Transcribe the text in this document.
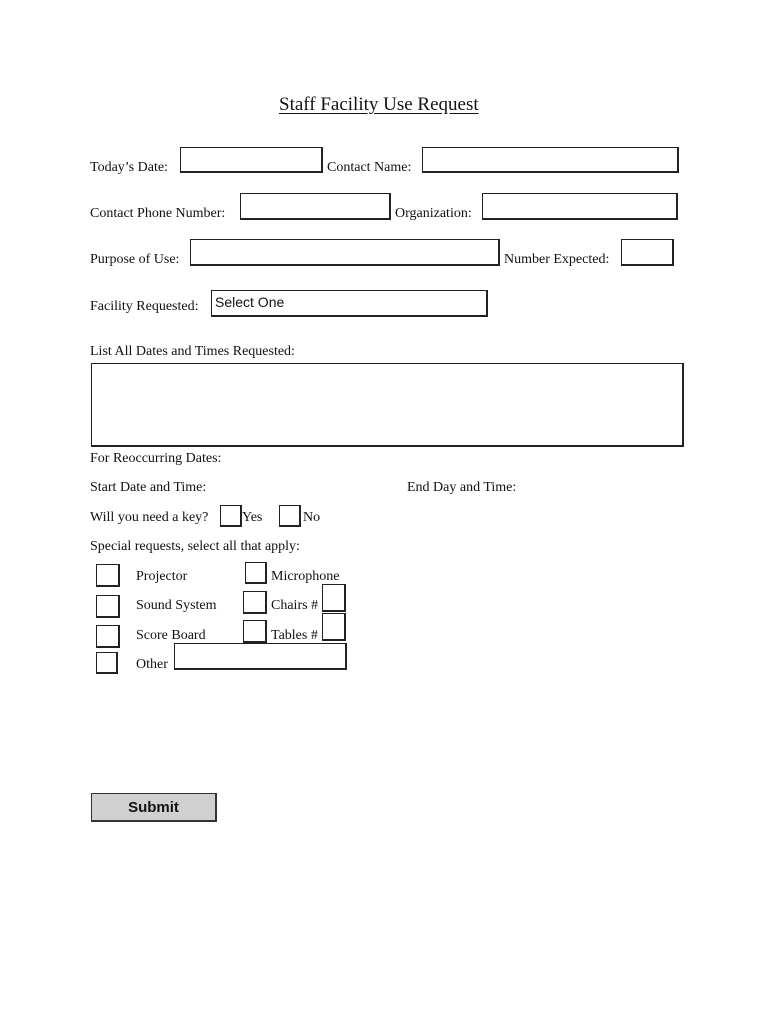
Staff Facility Use Request
Today’s Date:	Contact Name:
Contact Phone Number:	Organization:
Purpose of Use:	Number Expected:
Facility Requested: Select One
List All Dates and Times Requested:
For Reoccurring Dates:
Start Date and Time:	End Day and Time:
Will you need a key? Yes	No
Special requests, select all that apply:
Projector	Microphone
Sound System	Chairs #
Score Board	Tables #
Other
Submit
